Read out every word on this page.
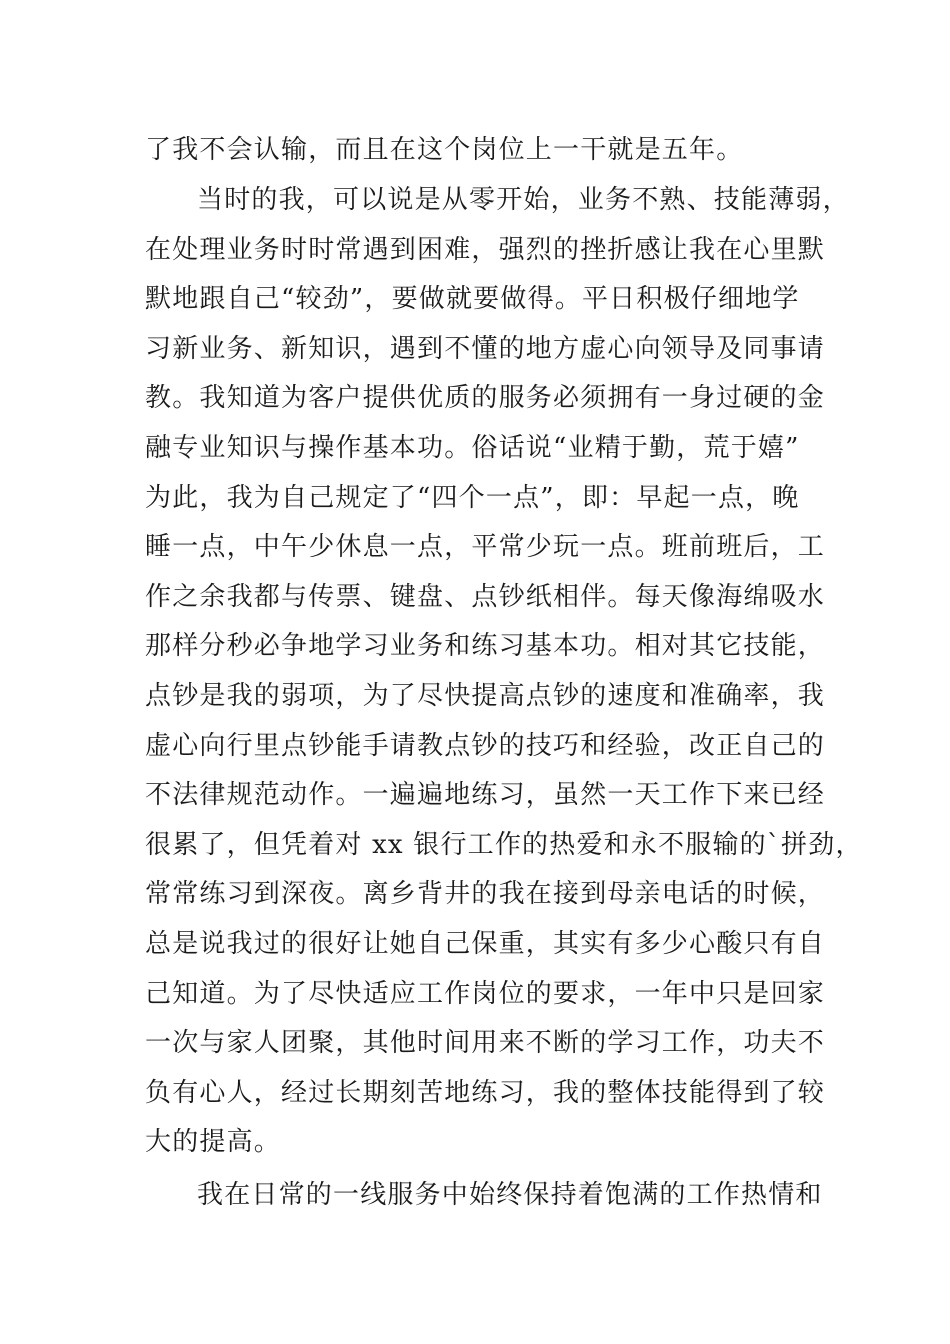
了我不会认输，而且在这个岗位上一干就是五年。
当时的我，可以说是从零开始，业务不熟、技能薄弱，
在处理业务时时常遇到困难，强烈的挫折感让我在心里默
默地跟自己“较劲”，要做就要做得。平日积极仔细地学
习新业务、新知识，遇到不懂的地方虚心向领导及同事请
教。我知道为客户提供优质的服务必须拥有一身过硬的金
融专业知识与操作基本功。俗话说“业精于勤，荒于嬉”
为此，我为自己规定了“四个一点”，即：早起一点，晚
睡一点，中午少休息一点，平常少玩一点。班前班后，工
作之余我都与传票、键盘、点钞纸相伴。每天像海绵吸水
那样分秒必争地学习业务和练习基本功。相对其它技能，
点钞是我的弱项，为了尽快提高点钞的速度和准确率，我
虚心向行里点钞能手请教点钞的技巧和经验，改正自己的
不法律规范动作。一遍遍地练习，虽然一天工作下来已经
很累了，但凭着对 xx 银行工作的热爱和永不服输的`拼劲，
常常练习到深夜。离乡背井的我在接到母亲电话的时候，
总是说我过的很好让她自己保重，其实有多少心酸只有自
己知道。为了尽快适应工作岗位的要求，一年中只是回家
一次与家人团聚，其他时间用来不断的学习工作，功夫不
负有心人，经过长期刻苦地练习，我的整体技能得到了较
大的提高。
我在日常的一线服务中始终保持着饱满的工作热情和
